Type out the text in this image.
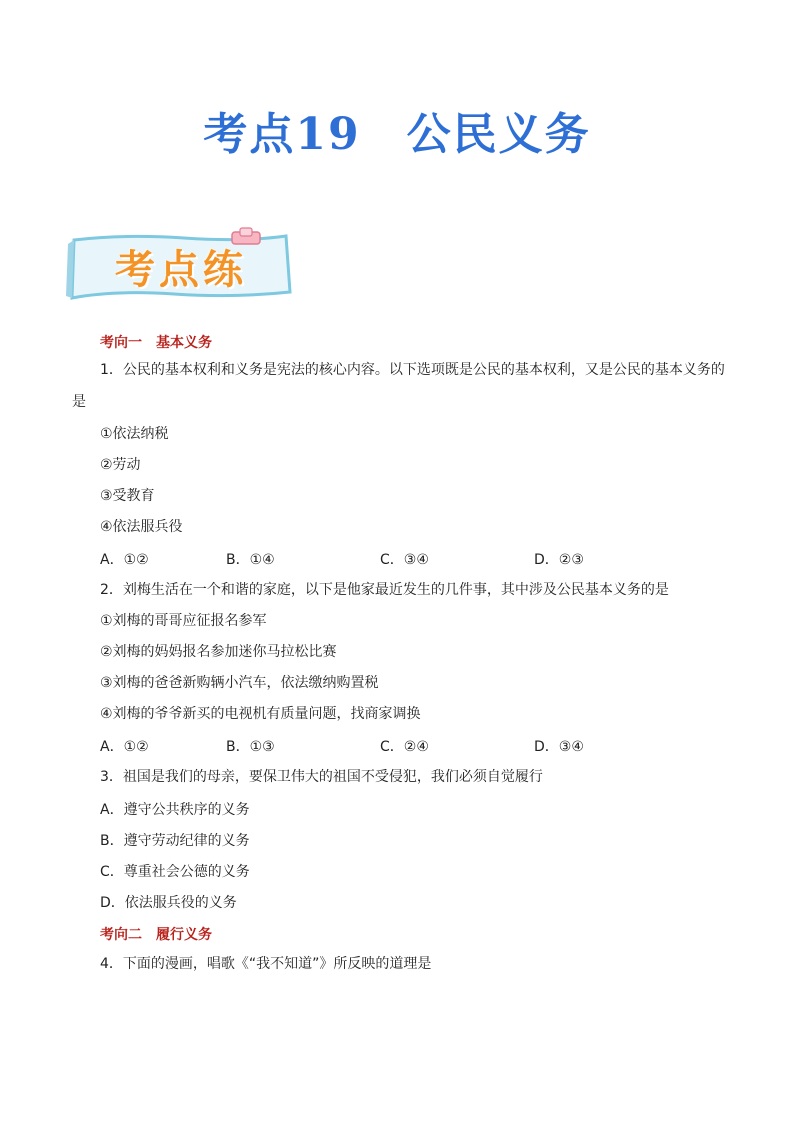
考点19 公民义务
考点练
考向一 基本义务
1．公民的基本权利和义务是宪法的核心内容。以下选项既是公民的基本权利，又是公民的基本义务的
是
①依法纳税
②劳动
③受教育
④依法服兵役
A．①②	B．①④	C．③④	D．②③
2．刘梅生活在一个和谐的家庭，以下是他家最近发生的几件事，其中涉及公民基本义务的是
①刘梅的哥哥应征报名参军
②刘梅的妈妈报名参加迷你马拉松比赛
③刘梅的爸爸新购辆小汽车，依法缴纳购置税
④刘梅的爷爷新买的电视机有质量问题，找商家调换
A．①②	B．①③	C．②④	D．③④
3．祖国是我们的母亲，要保卫伟大的祖国不受侵犯，我们必须自觉履行
A．遵守公共秩序的义务
B．遵守劳动纪律的义务
C．尊重社会公德的义务
D．依法服兵役的义务
考向二 履行义务
4．下面的漫画，唱歌《“我不知道”》所反映的道理是
